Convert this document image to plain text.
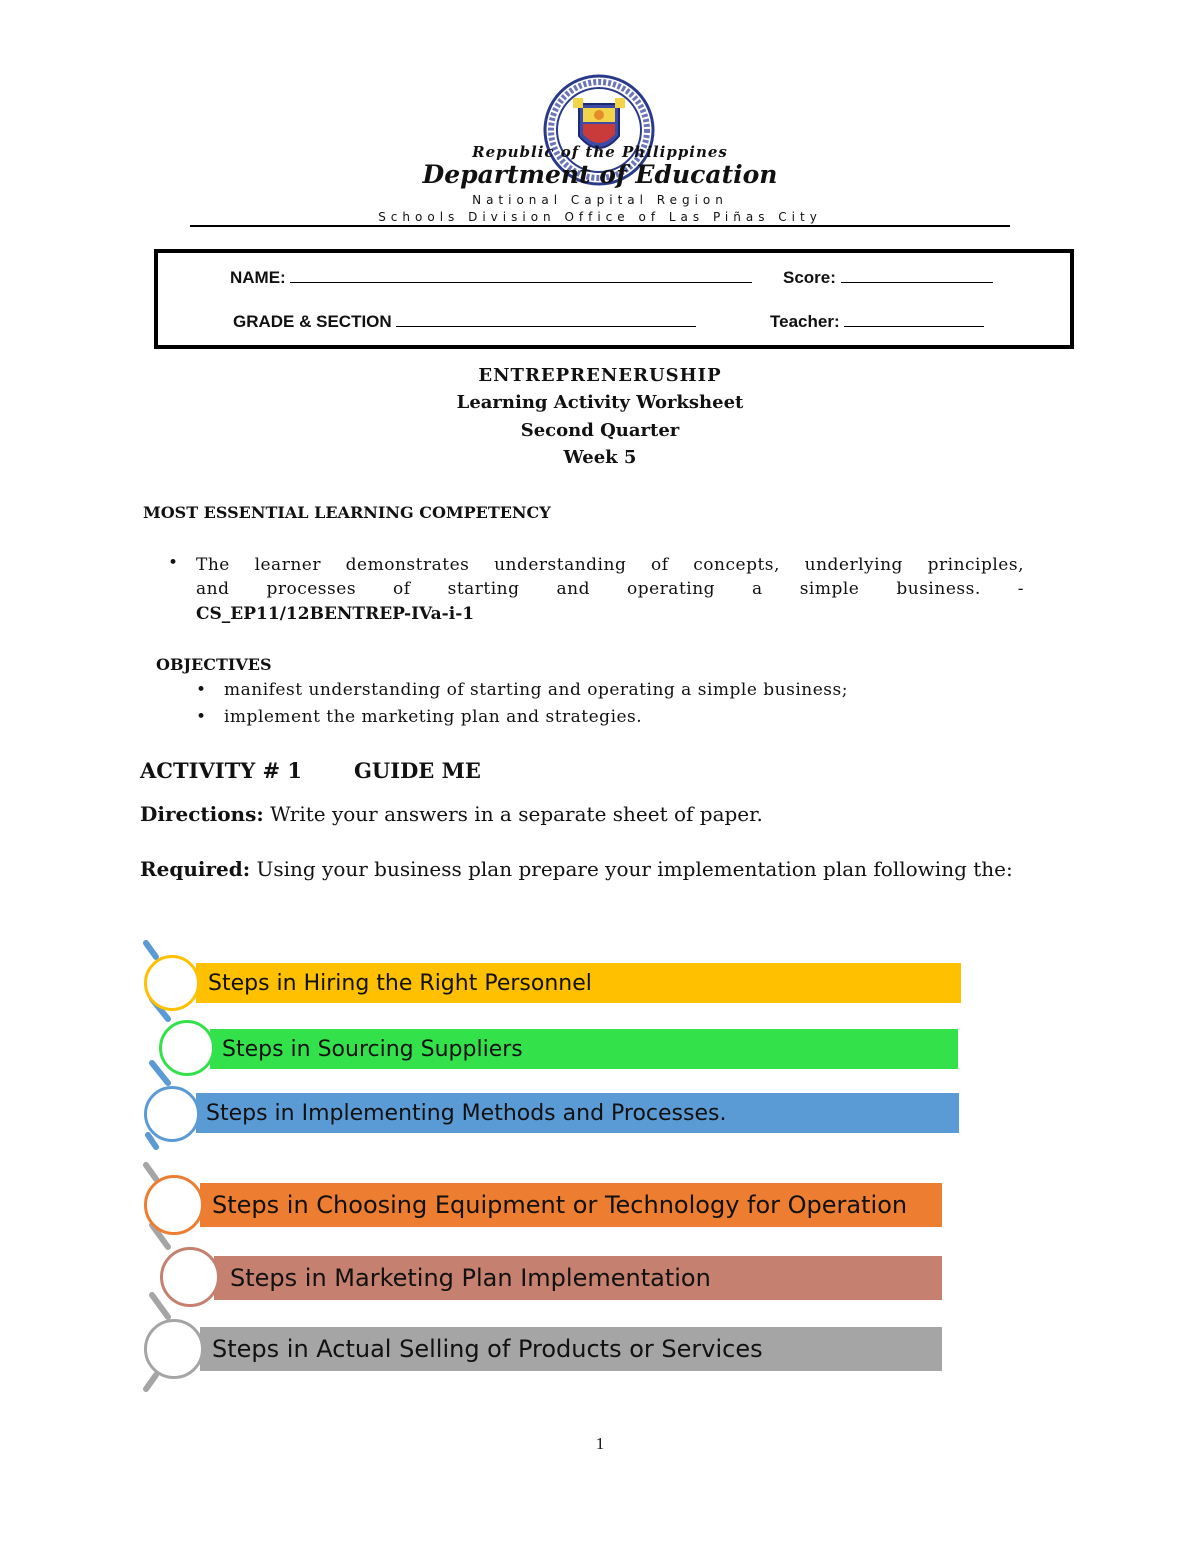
Republic of the Philippines
Department of Education
National Capital Region
Schools Division Office of Las Piñas City
NAME:	Score:
GRADE & SECTION	Teacher:
ENTREPRENERUSHIP
Learning Activity Worksheet
Second Quarter
Week 5
MOST ESSENTIAL LEARNING COMPETENCY
• The learner demonstrates understanding of concepts, underlying principles,
and processes of starting and operating a simple business. -
CS_EP11/12BENTREP-IVa-i-1
OBJECTIVES
• manifest understanding of starting and operating a simple business;
• implement the marketing plan and strategies.
ACTIVITY # 1 GUIDE ME
Directions: Write your answers in a separate sheet of paper.
Required: Using your business plan prepare your implementation plan following the:
Steps in Hiring the Right Personnel
Steps in Sourcing Suppliers
Steps in Implementing Methods and Processes.
Steps in Choosing Equipment or Technology for Operation
Steps in Marketing Plan Implementation
Steps in Actual Selling of Products or Services
1
